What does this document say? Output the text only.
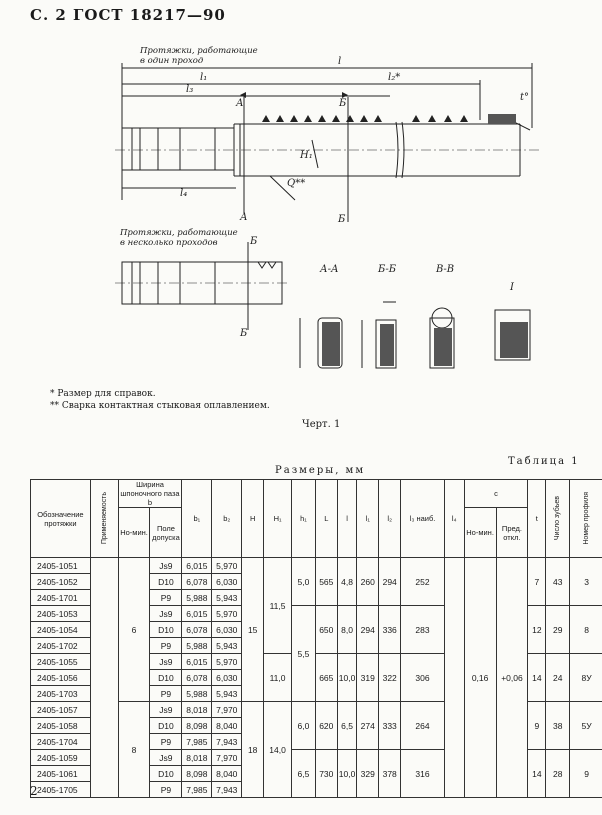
С. 2 ГОСТ 18217—90
l
l₁	l₂*
l₃
l₄
t°
H₁
Q**
А	Б
А	Б
Б
Б
А-А	Б-Б	В-В
I
Протяжки, работающие
в один проход
Протяжки, работающие
в несколько проходов
* Размер для справок.
** Сварка контактная стыковая оплавлением.
Черт. 1
Размеры, мм
Таблица 1
Обозначение протяжки	Применяемость	Ширина шпоночного паза b		b₁	b₂	H	H₁	h₁	L	l	l₁	l₂	l₃ наиб.	l₄	c		t	Число зубьев	Номер профиля

		Но-мин.	Поле допуска												Но-мин.	Пред. откл.			
2405-1051		6	Js9	6,015	5,970	15	11,5	5,0	565	4,8	260	294	252		0,16	+0,06	7	43	3
2405-1052			D10	6,078	6,030														
2405-1701			P9	5,988	5,943														
2405-1053			Js9	6,015	5,970			5,5	650	8,0	294	336	283				12	29	8
2405-1054			D10	6,078	6,030														
2405-1702			P9	5,988	5,943														
2405-1055			Js9	6,015	5,970		11,0		665	10,0	319	322	306				14	24	8У
2405-1056			D10	6,078	6,030														
2405-1703			P9	5,988	5,943														
2405-1057		8	Js9	8,018	7,970	18	14,0	6,0	620	6,5	274	333	264				9	38	5У
2405-1058			D10	8,098	8,040														
2405-1704			P9	7,985	7,943														
2405-1059			Js9	8,018	7,970			6,5	730	10,0	329	378	316				14	28	9
2405-1061			D10	8,098	8,040														
2405-1705			P9	7,985	7,943														
2
